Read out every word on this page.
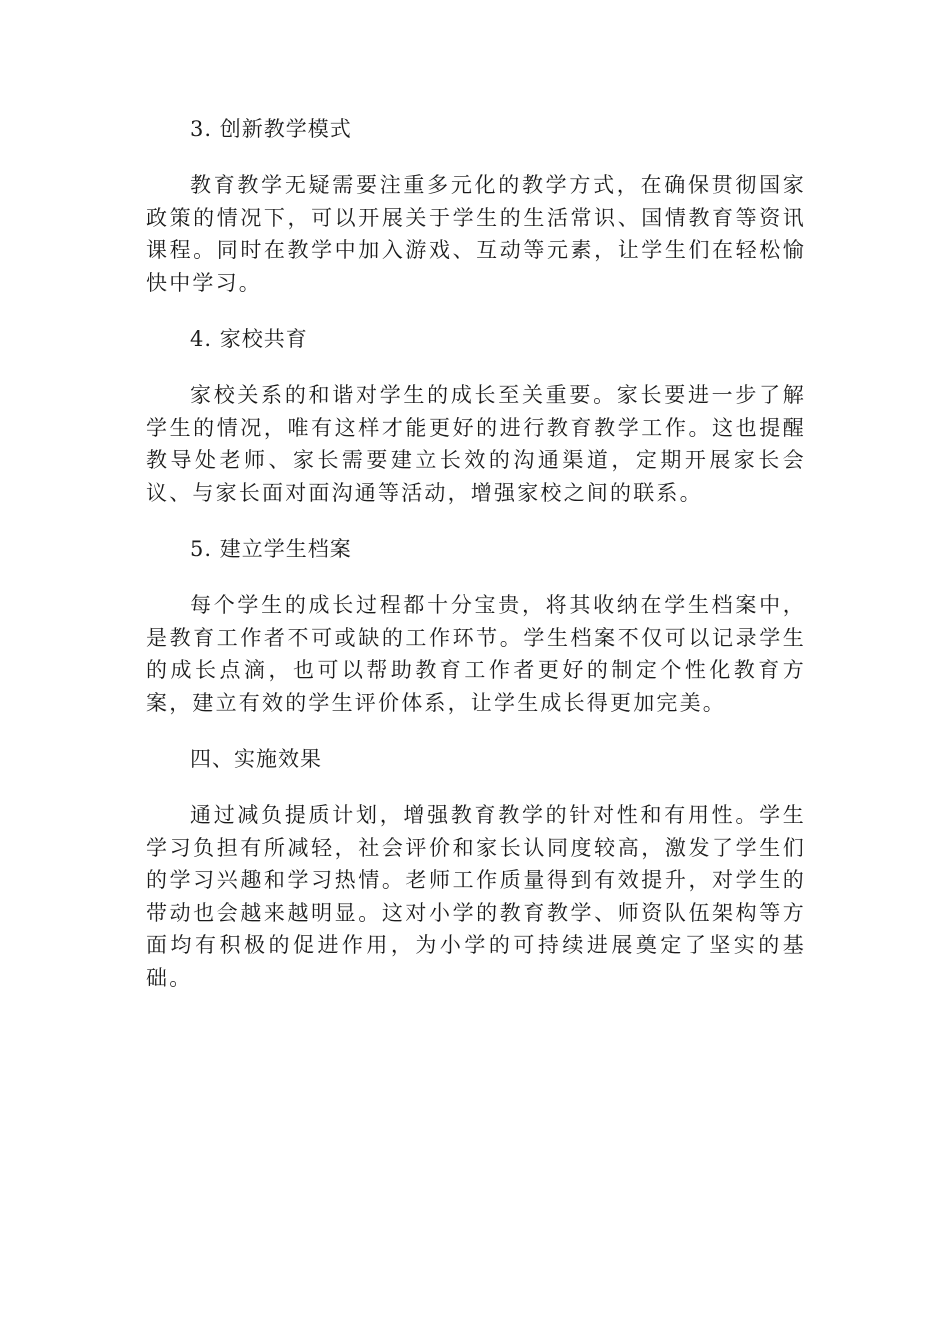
3. 创新教学模式
教育教学无疑需要注重多元化的教学方式，在确保贯彻国家政策的情况下，可以开展关于学生的生活常识、国情教育等资讯课程。同时在教学中加入游戏、互动等元素，让学生们在轻松愉快中学习。
4. 家校共育
家校关系的和谐对学生的成长至关重要。家长要进一步了解学生的情况，唯有这样才能更好的进行教育教学工作。这也提醒教导处老师、家长需要建立长效的沟通渠道，定期开展家长会议、与家长面对面沟通等活动，增强家校之间的联系。
5. 建立学生档案
每个学生的成长过程都十分宝贵，将其收纳在学生档案中，是教育工作者不可或缺的工作环节。学生档案不仅可以记录学生的成长点滴，也可以帮助教育工作者更好的制定个性化教育方案，建立有效的学生评价体系，让学生成长得更加完美。
四、实施效果
通过减负提质计划，增强教育教学的针对性和有用性。学生学习负担有所减轻，社会评价和家长认同度较高，激发了学生们的学习兴趣和学习热情。老师工作质量得到有效提升，对学生的带动也会越来越明显。这对小学的教育教学、师资队伍架构等方面均有积极的促进作用，为小学的可持续进展奠定了坚实的基础。
